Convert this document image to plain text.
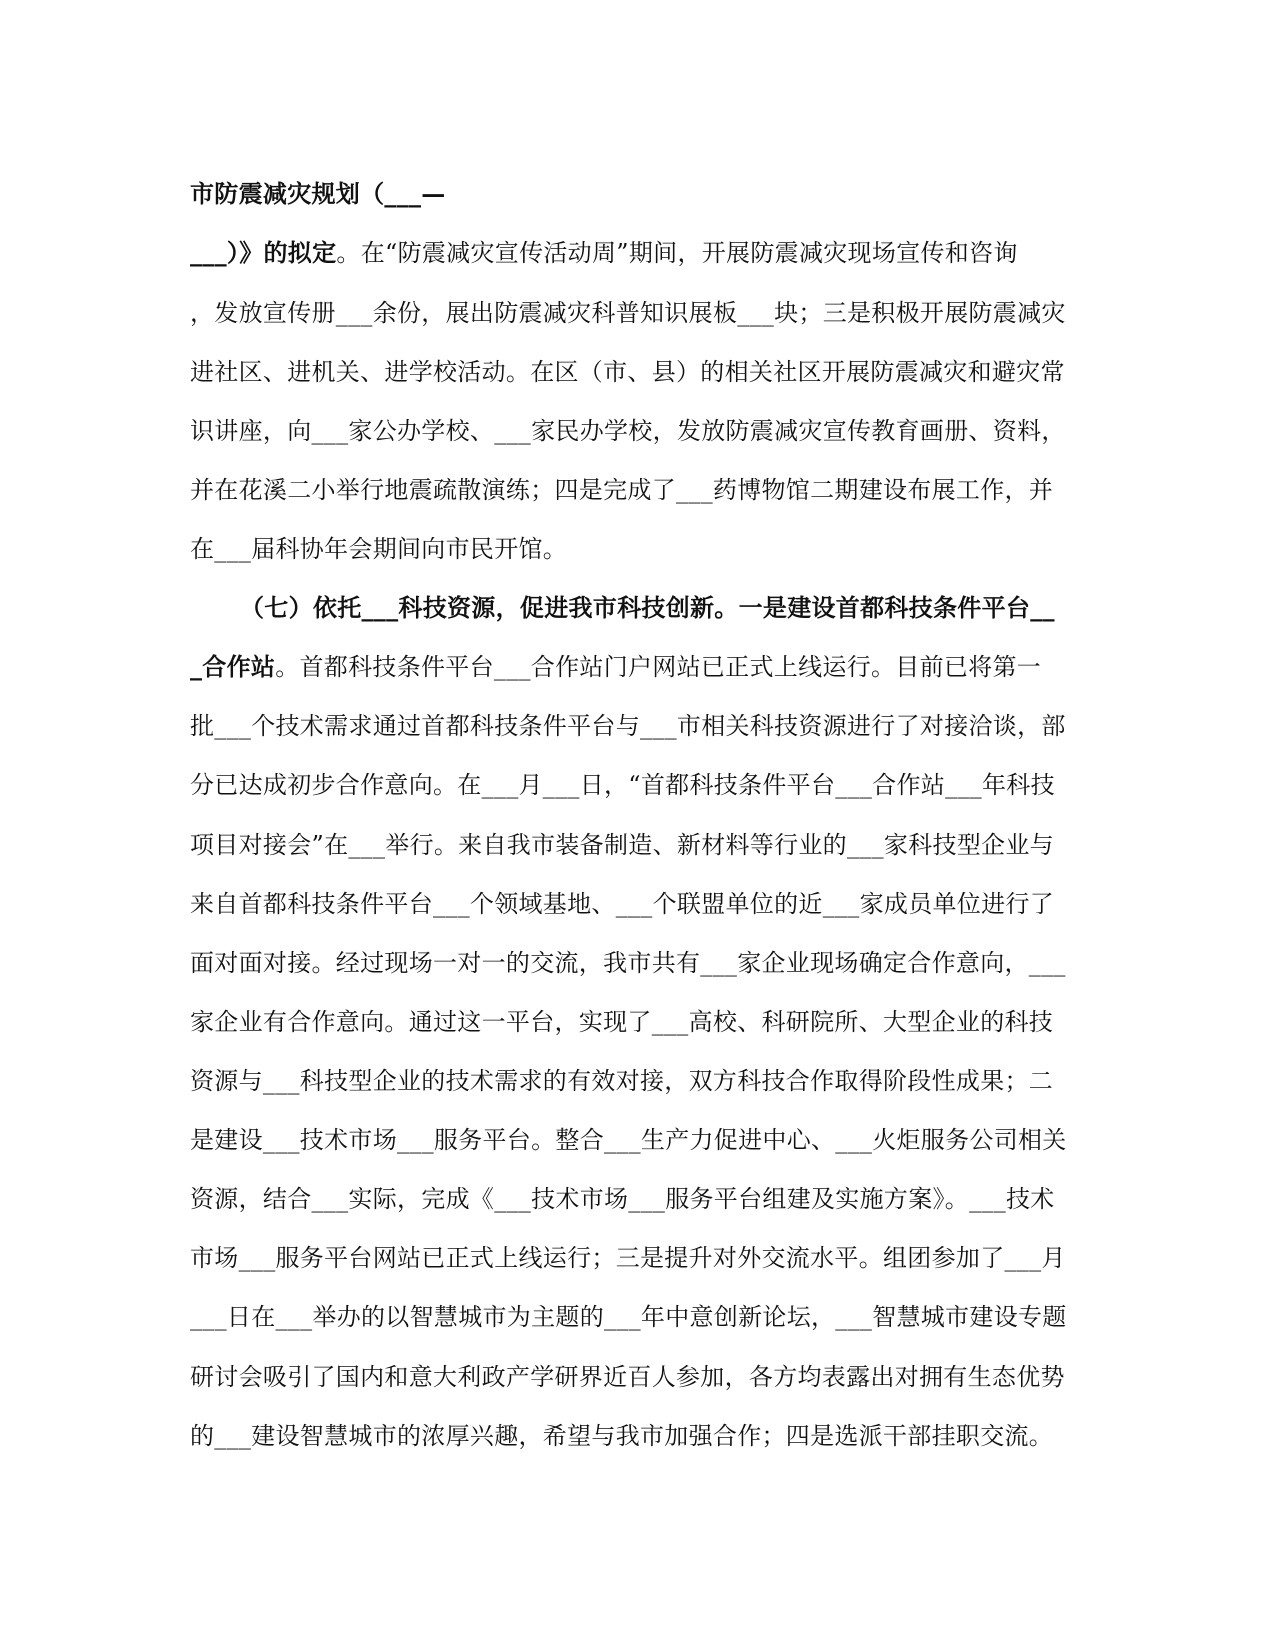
市防震减灾规划（___—
___）》的拟定。在“防震减灾宣传活动周”期间，开展防震减灾现场宣传和咨询
，发放宣传册___余份，展出防震减灾科普知识展板___块；三是积极开展防震减灾
进社区、进机关、进学校活动。在区（市、县）的相关社区开展防震减灾和避灾常
识讲座，向___家公办学校、___家民办学校，发放防震减灾宣传教育画册、资料，
并在花溪二小举行地震疏散演练；四是完成了___药博物馆二期建设布展工作，并
在___届科协年会期间向市民开馆。
（七）依托___科技资源，促进我市科技创新。一是建设首都科技条件平台__
_合作站。首都科技条件平台___合作站门户网站已正式上线运行。目前已将第一
批___个技术需求通过首都科技条件平台与___市相关科技资源进行了对接洽谈，部
分已达成初步合作意向。在___月___日，“首都科技条件平台___合作站___年科技
项目对接会”在___举行。来自我市装备制造、新材料等行业的___家科技型企业与
来自首都科技条件平台___个领域基地、___个联盟单位的近___家成员单位进行了
面对面对接。经过现场一对一的交流，我市共有___家企业现场确定合作意向，___
家企业有合作意向。通过这一平台，实现了___高校、科研院所、大型企业的科技
资源与___科技型企业的技术需求的有效对接，双方科技合作取得阶段性成果；二
是建设___技术市场___服务平台。整合___生产力促进中心、___火炬服务公司相关
资源，结合___实际，完成《___技术市场___服务平台组建及实施方案》。___技术
市场___服务平台网站已正式上线运行；三是提升对外交流水平。组团参加了___月
___日在___举办的以智慧城市为主题的___年中意创新论坛，___智慧城市建设专题
研讨会吸引了国内和意大利政产学研界近百人参加，各方均表露出对拥有生态优势
的___建设智慧城市的浓厚兴趣，希望与我市加强合作；四是选派干部挂职交流。
